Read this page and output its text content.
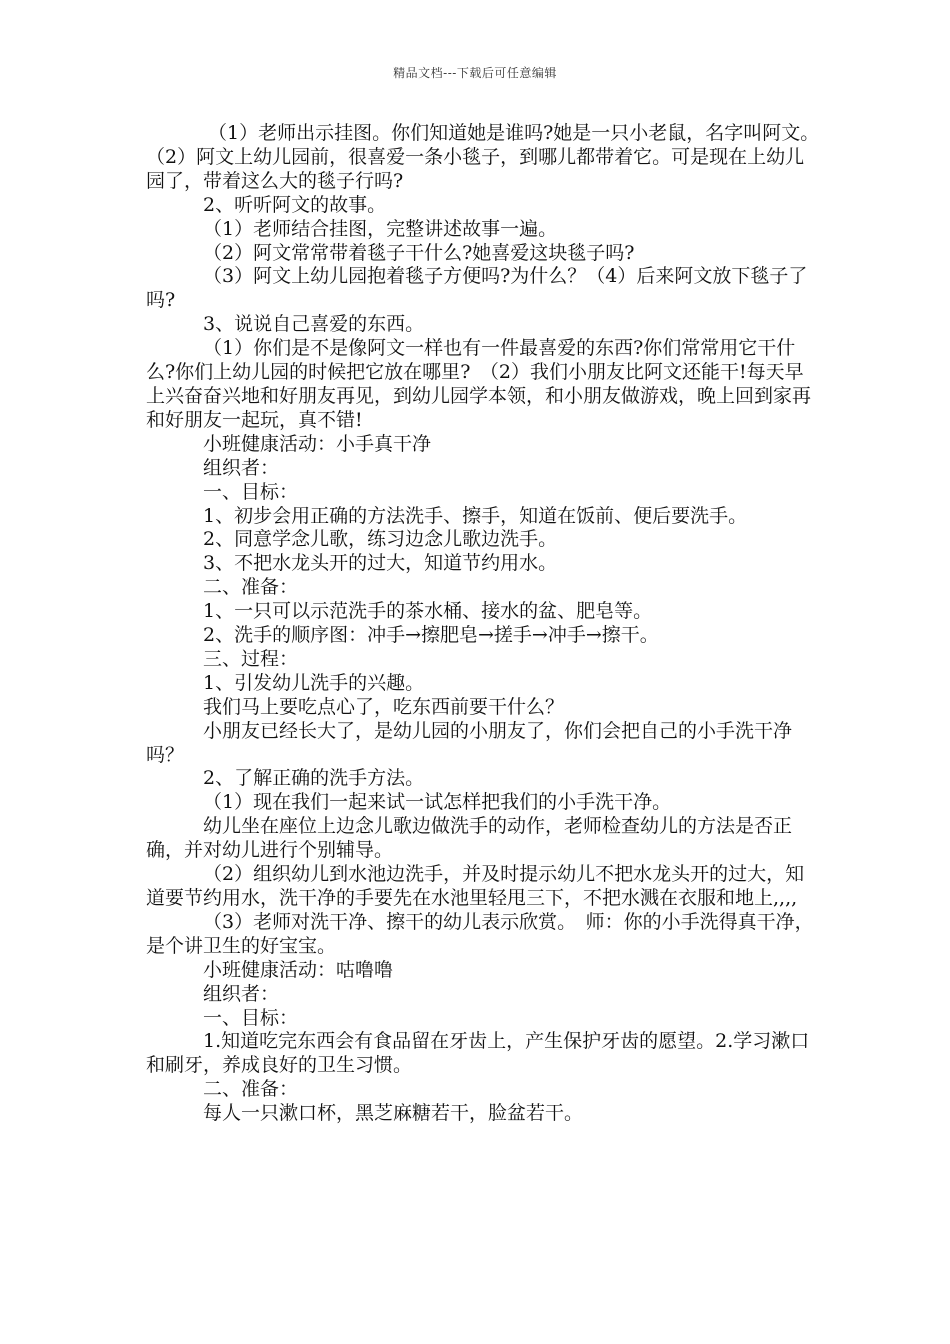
精品文档---下载后可任意编辑

（1）老师出示挂图。你们知道她是谁吗?她是一只小老鼠，名字叫阿文。　（2）阿文上幼儿园前，很喜爱一条小毯子，到哪儿都带着它。可是现在上幼儿园了，带着这么大的毯子行吗?

2、听听阿文的故事。

（1）老师结合挂图，完整讲述故事一遍。

（2）阿文常常带着毯子干什么?她喜爱这块毯子吗?

（3）阿文上幼儿园抱着毯子方便吗?为什么？（4）后来阿文放下毯子了吗?

3、说说自己喜爱的东西。

（1）你们是不是像阿文一样也有一件最喜爱的东西?你们常常用它干什么?你们上幼儿园的时候把它放在哪里?　（2）我们小朋友比阿文还能干!每天早上兴奋奋兴地和好朋友再见，到幼儿园学本领，和小朋友做游戏，晚上回到家再和好朋友一起玩，真不错!

小班健康活动：小手真干净

组织者：

一、目标：

1、初步会用正确的方法洗手、擦手，知道在饭前、便后要洗手。

2、同意学念儿歌，练习边念儿歌边洗手。

3、不把水龙头开的过大，知道节约用水。

二、准备：

1、一只可以示范洗手的茶水桶、接水的盆、肥皂等。

2、洗手的顺序图：冲手→擦肥皂→搓手→冲手→擦干。

三、过程：

1、引发幼儿洗手的兴趣。

我们马上要吃点心了，吃东西前要干什么？

小朋友已经长大了，是幼儿园的小朋友了，你们会把自己的小手洗干净吗？

2、了解正确的洗手方法。

（1）现在我们一起来试一试怎样把我们的小手洗干净。

幼儿坐在座位上边念儿歌边做洗手的动作，老师检查幼儿的方法是否正确，并对幼儿进行个别辅导。

（2）组织幼儿到水池边洗手，并及时提示幼儿不把水龙头开的过大，知道要节约用水，洗干净的手要先在水池里轻甩三下，不把水溅在衣服和地上,,,,

（3）老师对洗干净、擦干的幼儿表示欣赏。　师：你的小手洗得真干净，是个讲卫生的好宝宝。

小班健康活动：咕噜噜

组织者：

一、目标：

1.知道吃完东西会有食品留在牙齿上，产生保护牙齿的愿望。2.学习漱口和刷牙，养成良好的卫生习惯。

二、准备：

每人一只漱口杯，黑芝麻糖若干，脸盆若干。
